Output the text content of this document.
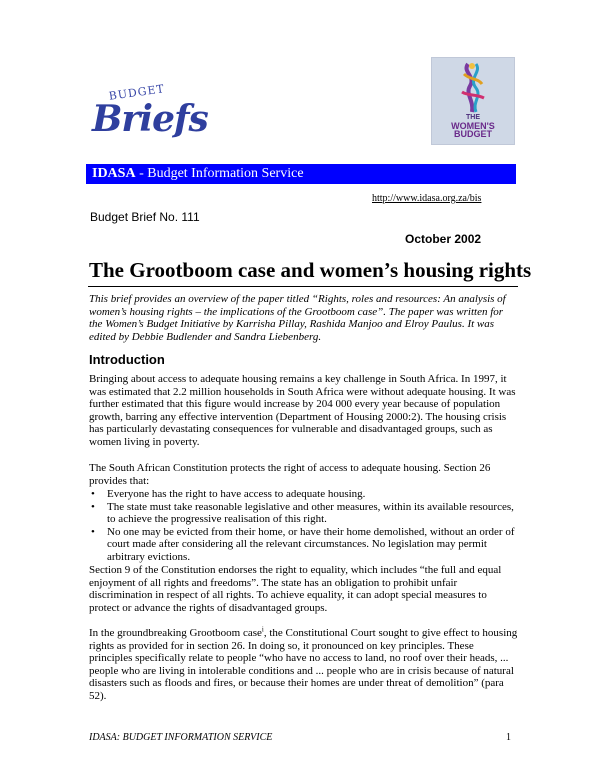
BUDGET
Briefs	THE
WOMEN'S
BUDGET
IDASA - Budget Information Service
http://www.idasa.org.za/bis
Budget Brief No. 111
October 2002
The Grootboom case and women’s housing rights
This brief provides an overview of the paper titled “Rights, roles and resources: An analysis of women’s housing rights – the implications of the Grootboom case”. The paper was written for the Women’s Budget Initiative by Karrisha Pillay, Rashida Manjoo and Elroy Paulus. It was edited by Debbie Budlender and Sandra Liebenberg.
Introduction
Bringing about access to adequate housing remains a key challenge in South Africa. In 1997, it was estimated that 2.2 million households in South Africa were without adequate housing. It was further estimated that this figure would increase by 204 000 every year because of population growth, barring any effective intervention (Department of Housing 2000:2). The housing crisis has particularly devastating consequences for vulnerable and disadvantaged groups, such as women living in poverty.
The South African Constitution protects the right of access to adequate housing. Section 26 provides that:
• Everyone has the right to have access to adequate housing.
• The state must take reasonable legislative and other measures, within its available resources, to achieve the progressive realisation of this right.
• No one may be evicted from their home, or have their home demolished, without an order of court made after considering all the relevant circumstances. No legislation may permit arbitrary evictions.
Section 9 of the Constitution endorses the right to equality, which includes “the full and equal enjoyment of all rights and freedoms”. The state has an obligation to prohibit unfair discrimination in respect of all rights. To achieve equality, it can adopt special measures to protect or advance the rights of disadvantaged groups.
In the groundbreaking Grootboom case$^i$, the Constitutional Court sought to give effect to housing rights as provided for in section 26. In doing so, it pronounced on key principles. These principles specifically relate to people “who have no access to land, no roof over their heads, ... people who are living in intolerable conditions and ... people who are in crisis because of natural disasters such as floods and fires, or because their homes are under threat of demolition” (para 52).
IDASA: BUDGET INFORMATION SERVICE	1
